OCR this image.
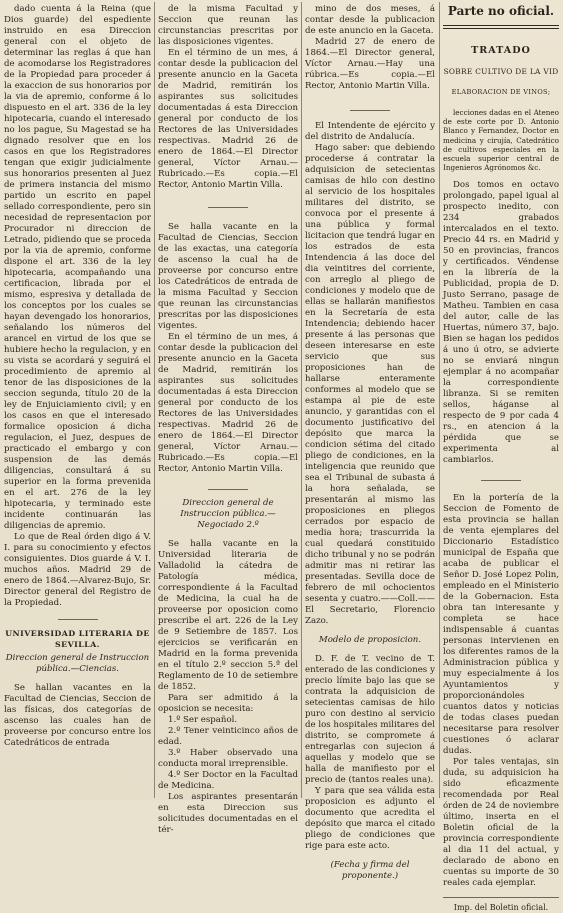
dado cuenta á la Reina (que Dios guarde) del espediente instruido en esa Direccion general con el objeto de determinar las reglas á que han de acomodarse los Registradores de la Propiedad para proceder á la exaccion de sus honorarios por la via de apremio, conforme á lo dispuesto en el art. 336 de la ley hipotecaria, cuando el interesado no los pague, Su Magestad se ha dignado resolver que en los casos en que los Registradores tengan que exigir judicialmente sus honorarios presenten al Juez de primera instancia del mismo partido un escrito en papel sellado correspondiente, pero sin necesidad de representacion por Procurador ni direccion de Letrado, pidiendo que se proceda por la via de apremio, conforme dispone el art. 336 de la ley hipotecaria, acompañando una certificacion, librada por el mismo, espresiva y detallada de los conceptos por los cuales se hayan devengado los honorarios, señalando los números del arancel en virtud de los que se hubiere hecho la regulacion, y en su vista se acordará y seguirá el procedimiento de apremio al tenor de las disposiciones de la seccion segunda, título 20 de la ley de Enjuiciamiento civil; y en los casos en que el interesado formalice oposicion á dicha regulacion, el Juez, despues de practicado el embargo y con suspension de las demás diligencias, consultará á su superior en la forma prevenida en el art. 276 de la ley hipotecaria, y terminado este incidente continuarán las diligencias de apremio.

Lo que de Real órden digo á V. I. para su conocimiento y efectos consiguientes. Dios guarde á V. I. muchos años. Madrid 29 de enero de 1864.—Alvarez-Bujo, Sr. Director general del Registro de la Propiedad.

UNIVERSIDAD LITERARIA DE SEVILLA.

Direccion general de Instruccion pública.—Ciencias.

Se hallan vacantes en la Facultad de Ciencias, Seccion de las físicas, dos categorías de ascenso las cuales han de proveerse por concurso entre los Catedráticos de entrada

de la misma Facultad y Seccion que reunan las circunstancias prescritas por las disposiciones vigentes.

En el término de un mes, á contar desde la publicacion del presente anuncio en la Gaceta de Madrid, remitirán los aspirantes sus solicitudes documentadas á esta Direccion general por conducto de los Rectores de las Universidades respectivas. Madrid 26 de enero de 1864.—El Director general, Víctor Arnau.—Rubricado.—Es copia.—El Rector, Antonio Martin Villa.

Se halla vacante en la Facultad de Ciencias, Seccion de las exactas, una categoría de ascenso la cual ha de proveerse por concurso entre los Catedráticos de entrada de la misma Facultad y Seccion que reunan las circunstancias prescritas por las disposiciones vigentes.

En el término de un mes, á contar desde la publicacion del presente anuncio en la Gaceta de Madrid, remitirán los aspirantes sus solicitudes documentadas á esta Direccion general por conducto de los Rectores de las Universidades respectivas. Madrid 26 de enero de 1864.—El Director general, Víctor Arnau.—Rubricado.—Es copia.—El Rector, Antonio Martin Villa.

Direccion general de Instruccion pública.—Negociado 2.º

Se halla vacante en la Universidad literaria de Valladolid la cátedra de Patología médica, correspondiente á la Facultad de Medicina, la cual ha de proveerse por oposicion como prescribe el art. 226 de la Ley de 9 Setiembre de 1857. Los ejercicios se verificarán en Madrid en la forma prevenida en el título 2.º seccion 5.ª del Reglamento de 10 de setiembre de 1852.

Para ser admitido á la oposicion se necesita:

1.º Ser español.

2.º Tener veinticinco años de edad.

3.º Haber observado una conducta moral irreprensible.

4.º Ser Doctor en la Facultad de Medicina.

Los aspirantes presentarán en esta Direccion sus solicitudes documentadas en el tér-

mino de dos meses, á contar desde la publicacion de este anuncio en la Gaceta.

Madrid 27 de enero de 1864.—El Director general, Víctor Arnau.—Hay una rúbrica.—Es copia.—El Rector, Antonio Martin Villa.

El Intendente de ejército y del distrito de Andalucía.

Hago saber: que debiendo procederse á contratar la adquisicion de setecientas camisas de hilo con destino al servicio de los hospitales militares del distrito, se convoca por el presente á una pública y formal licitacion que tendrá lugar en los estrados de esta Intendencia á las doce del dia veintitres del corriente, con arreglo al pliego de condiciones y modelo que de ellas se hallarán manifiestos en la Secretaría de esta Intendencia; debiendo hacer presente á las personas que deseen interesarse en este servicio que sus proposiciones han de hallarse enteramente conformes al modelo que se estampa al pie de este anuncio, y garantidas con el documento justificativo del depósito que marca la condicion sétima del citado pliego de condiciones, en la inteligencia que reunido que sea el Tribunal de subasta á la hora señalada, se presentarán al mismo las proposiciones en pliegos cerrados por espacio de media hora; trascurrida la cual quedará constituido dicho tribunal y no se podrán admitir mas ni retirar las presentadas. Sevilla doce de febrero de mil ochocientos sesenta y cuatro.——Coll.——El Secretario, Florencio Zazo.

Modelo de proposicion.

D. F. de T. vecino de T. enterado de las condiciones y precio límite bajo las que se contrata la adquisicion de setecientas camisas de hilo puro con destino al servicio de los hospitales militares del distrito, se compromete á entregarlas con sujecion á aquellas y modelo que se halla de manifiesto por el precio de (tantos reales una).

Y para que sea válida esta proposicion es adjunto el documento que acredita el depósito que marca el citado pliego de condiciones que rige para este acto.

(Fecha y firma del proponente.)

Parte no oficial.

TRATADO

SOBRE CULTIVO DE LA VID

ELABORACION DE VINOS;

lecciones dadas en el Ateneo de este corte por D. Antonio Blanco y Fernandez, Doctor en medicina y cirujía, Catedrático de cultivos especiales en la escuela superior central de Ingenieros Agrónomos &c.

Dos tomos en octavo prolongado, papel igual al prospecto inedito, con 234 grabados intercalados en el texto. Precio 44 rs. en Madrid y 50 en provincias, francos y certificados. Véndense en la librería de la Publicidad, propia de D. Justo Serrano, pasage de Matheu. Tambien en casa del autor, calle de las Huertas, número 37, bajo. Bien se hagan los pedidos á uno ú otro, se advierte no se enviará ningun ejemplar á no acompañar la correspondiente libranza. Si se remiten sellos, háganse al respecto de 9 por cada 4 rs., en atencion á la pérdida que se experimenta al cambiarlos.

En la portería de la Seccion de Fomento de esta provincia se hallan de venta ejemplares del Diccionario Estadístico municipal de España que acaba de publicar el Señor D. José Lopez Polin, empleado en el Ministerio de la Gobernacion. Esta obra tan interesante y completa se hace indispensable á cuantas personas intervienen en los diferentes ramos de la Administracion pública y muy especialmente á los Ayuntamientos y proporcionándoles cuantos datos y noticias de todas clases puedan necesitarse para resolver cuestiones ó aclarar dudas.

Por tales ventajas, sin duda, su adquisicion ha sido eficazmente recomendada por Real órden de 24 de noviembre último, inserta en el Boletin oficial de la provincia correspondiente al dia 11 del actual, y declarado de abono en cuentas su importe de 30 reales cada ejemplar.

Imp. del Boletin oficial.
